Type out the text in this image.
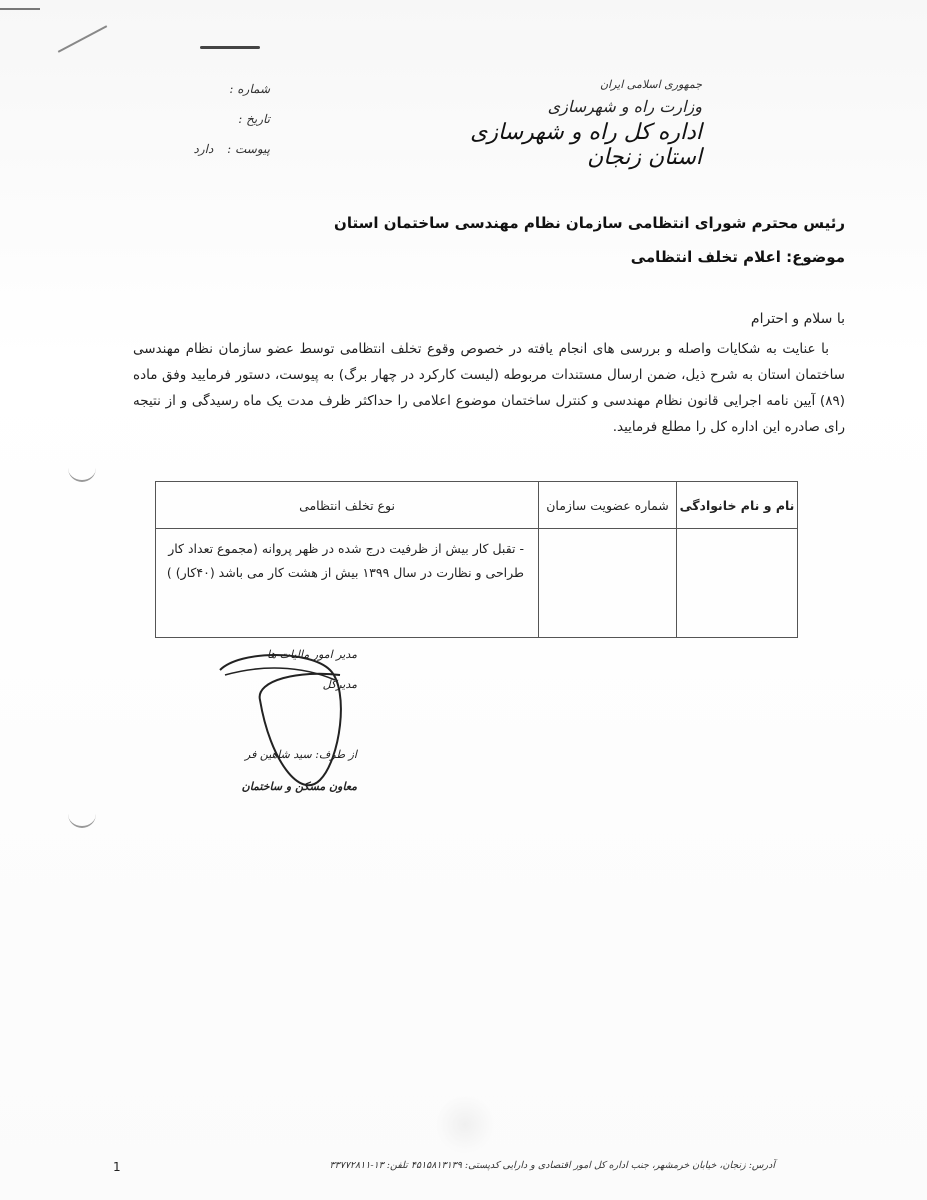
جمهوری اسلامی ایران
وزارت راه و شهرسازی
اداره کل راه و شهرسازی استان زنجان
شماره :
تاریخ :
پیوست : دارد
رئیس محترم شورای انتظامی سازمان نظام مهندسی ساختمان استان
موضوع: اعلام تخلف انتظامی
با سلام و احترام
با عنایت به شکایات واصله و بررسی های انجام یافته در خصوص وقوع تخلف انتظامی توسط عضو سازمان نظام مهندسی ساختمان استان به شرح ذیل، ضمن ارسال مستندات مربوطه (لیست کارکرد در چهار برگ) به پیوست، دستور فرمایید وفق ماده (۸۹) آیین نامه اجرایی قانون نظام مهندسی و کنترل ساختمان موضوع اعلامی را حداکثر ظرف مدت یک ماه رسیدگی و از نتیجه رای صادره این اداره کل را مطلع فرمایید.
نام و نام خانوادگی	شماره عضویت سازمان	نوع تخلف انتظامی
		- تقبل کار بیش از ظرفیت درج شده در ظهر پروانه (مجموع تعداد کار طراحی و نظارت در سال ۱۳۹۹ بیش از هشت کار می باشد (۴۰کار) )
مدیر امور مالیات ها
مدیرکل
از طرف: سید شاهین فر
معاون مسکن و ساختمان
آدرس: زنجان، خیابان خرمشهر، جنب اداره کل امور اقتصادی و دارایی کدپستی: ۴۵۱۵۸۱۳۱۳۹ تلفن: ۱۳-۳۳۷۷۲۸۱۱
1
